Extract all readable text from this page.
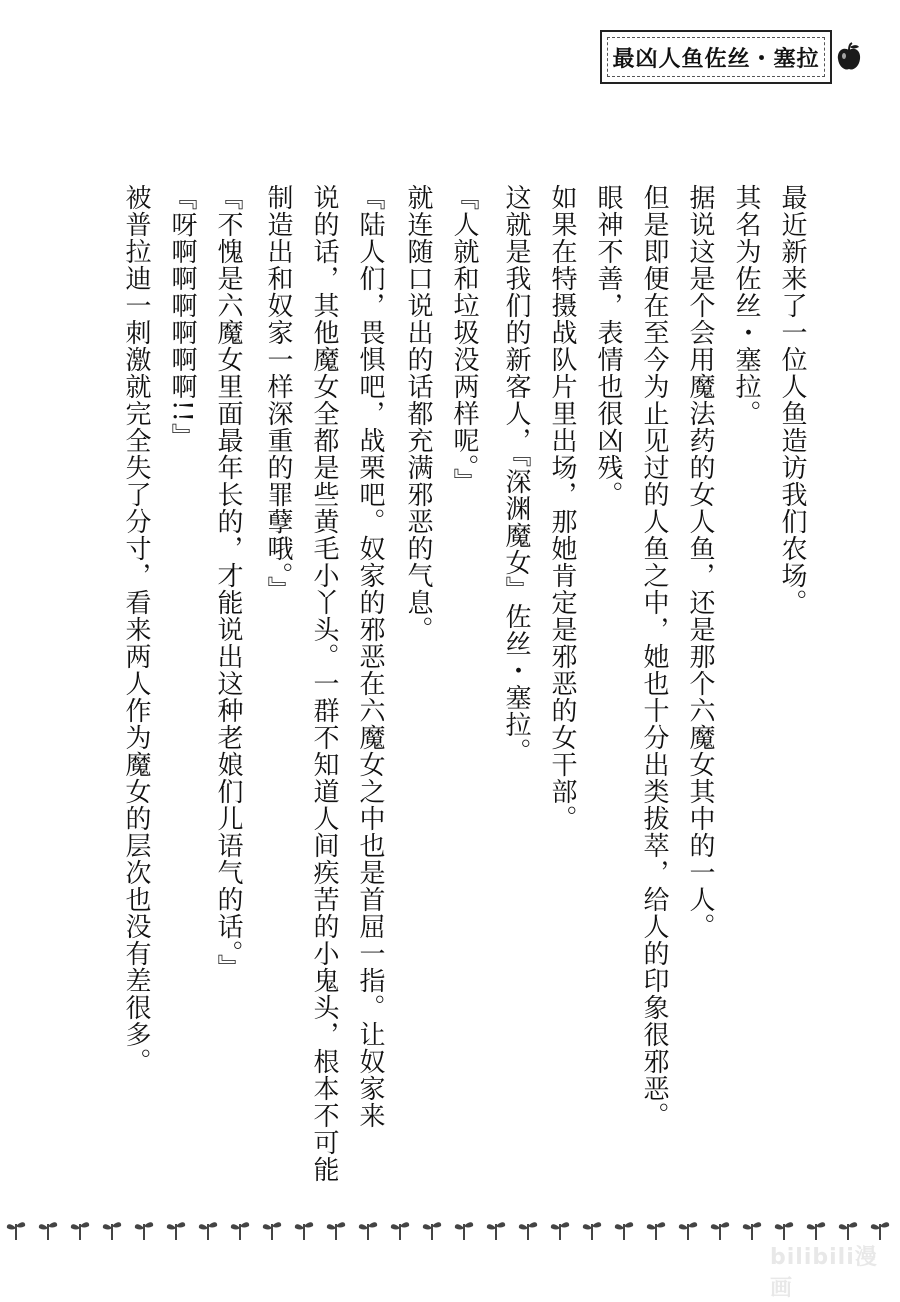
最凶人鱼佐丝・塞拉
最近新来了一位人鱼造访我们农场。
其名为佐丝・塞拉。
据说这是个会用魔法药的女人鱼，还是那个六魔女其中的一人。
但是即便在至今为止见过的人鱼之中，她也十分出类拔萃，给人的印象很邪恶。
眼神不善，表情也很凶残。
如果在特摄战队片里出场，那她肯定是邪恶的女干部。
这就是我们的新客人，『深渊魔女』佐丝・塞拉。
『人就和垃圾没两样呢。』
就连随口说出的话都充满邪恶的气息。
『陆人们，畏惧吧，战栗吧。奴家的邪恶在六魔女之中也是首屈一指。让奴家来
说的话，其他魔女全都是些黄毛小丫头。一群不知道人间疾苦的小鬼头，根本不可能
制造出和奴家一样深重的罪孽哦。』
『不愧是六魔女里面最年长的，才能说出这种老娘们儿语气的话。』
『呀啊啊啊啊啊啊!!』
被普拉迪一刺激就完全失了分寸，看来两人作为魔女的层次也没有差很多。
bilibili漫画
